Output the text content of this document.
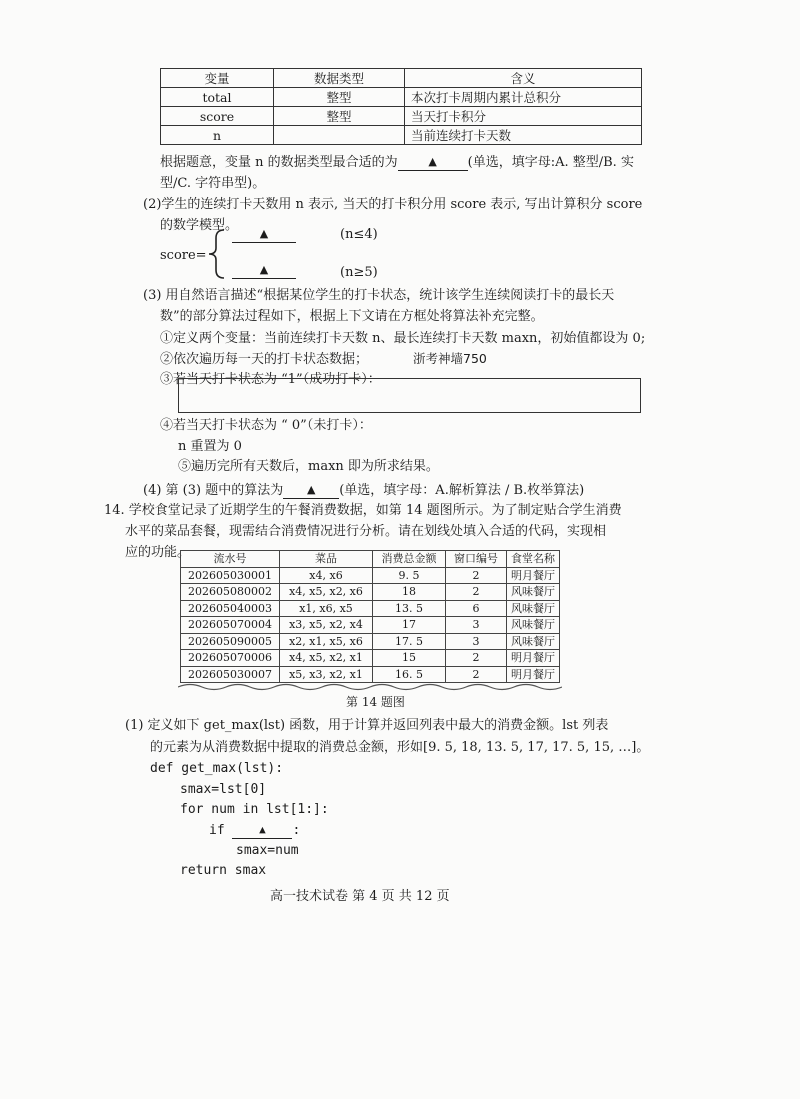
变量	数据类型	含义
total	整型	本次打卡周期内累计总积分
score	整型	当天打卡积分
n		当前连续打卡天数
根据题意，变量 n 的数据类型最合适的为	▲ (单选，填字母:A. 整型/B. 实
型/C. 字符串型)。
(2)学生的连续打卡天数用 n 表示, 当天的打卡积分用 score 表示, 写出计算积分 score
的数学模型。
score=
▲	(n≤4)
▲	(n≥5)
(3) 用自然语言描述“根据某位学生的打卡状态，统计该学生连续阅读打卡的最长天
数”的部分算法过程如下，根据上下文请在方框处将算法补充完整。
①定义两个变量：当前连续打卡天数 n、最长连续打卡天数 maxn，初始值都设为 0;
②依次遍历每一天的打卡状态数据；	浙考神墙750
③若当天打卡状态为 “1”（成功打卡）：
④若当天打卡状态为 “ 0”（未打卡）：
n 重置为 0
⑤遍历完所有天数后，maxn 即为所求结果。
(4) 第 (3) 题中的算法为 ▲ (单选，填字母：A.解析算法 / B.枚举算法)
14. 学校食堂记录了近期学生的午餐消费数据，如第 14 题图所示。为了制定贴合学生消费
水平的菜品套餐，现需结合消费情况进行分析。请在划线处填入合适的代码，实现相
应的功能。 流水号	菜品	消费总金额	窗口编号	食堂名称
202605030001	x4, x6	9. 5	2	明月餐厅
202605080002	x4, x5, x2, x6	18	2	风味餐厅
202605040003	x1, x6, x5	13. 5	6	风味餐厅
202605070004	x3, x5, x2, x4	17	3	风味餐厅
202605090005	x2, x1, x5, x6	17. 5	3	风味餐厅
202605070006	x4, x5, x2, x1	15	2	明月餐厅
202605030007	x5, x3, x2, x1	16. 5	2	明月餐厅
第 14 题图
(1) 定义如下 get_max(lst) 函数，用于计算并返回列表中最大的消费金额。lst 列表
的元素为从消费数据中提取的消费总金额，形如[9. 5, 18, 13. 5, 17, 17. 5, 15, …]。
def get_max(lst):
smax=lst[0]
for num in lst[1:]:
if	▲ :
smax=num
return smax
高一技术试卷 第 4 页 共 12 页
